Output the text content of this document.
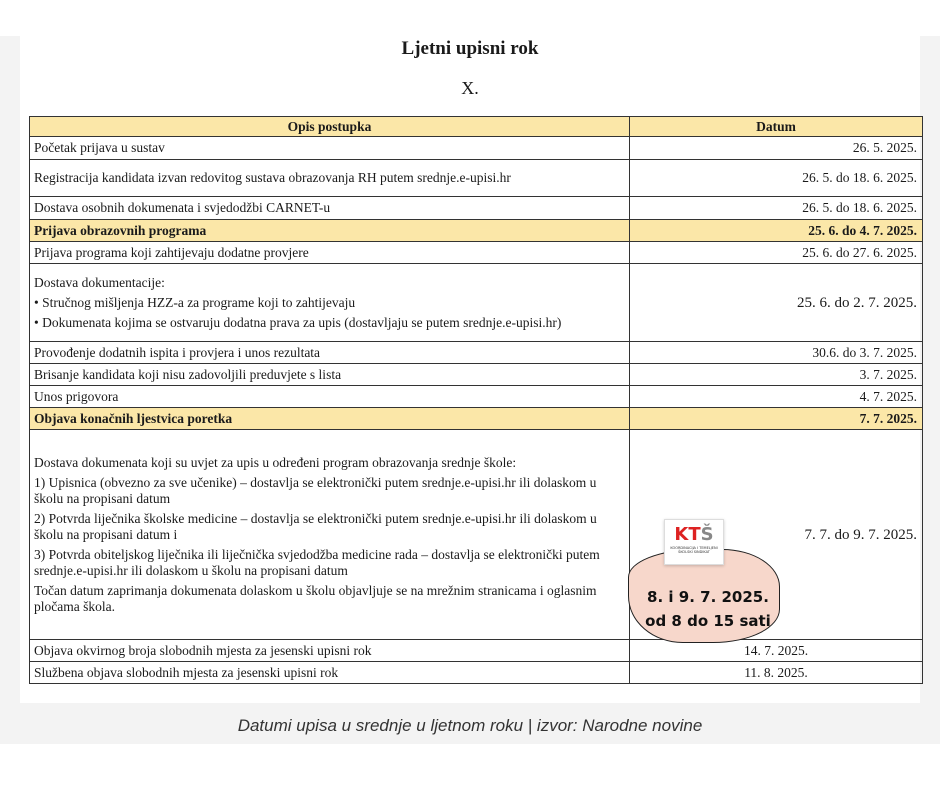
Ljetni upisni rok
X.
Opis postupka	Datum
Početak prijava u sustav	26. 5. 2025.
Registracija kandidata izvan redovitog sustava obrazovanja RH putem srednje.e-upisi.hr	26. 5. do 18. 6. 2025.
Dostava osobnih dokumenata i svjedodžbi CARNET-u	26. 5. do 18. 6. 2025.
Prijava obrazovnih programa	25. 6. do 4. 7. 2025.
Prijava programa koji zahtijevaju dodatne provjere	25. 6. do 27. 6. 2025.

Dostava dokumentacije:
• Stručnog mišljenja HZZ-a za programe koji to zahtijevaju
• Dokumenata kojima se ostvaruju dodatna prava za upis (dostavljaju se putem srednje.e-upisi.hr)	25. 6. do 2. 7. 2025.
Provođenje dodatnih ispita i provjera i unos rezultata	30.6. do 3. 7. 2025.
Brisanje kandidata koji nisu zadovoljili preduvjete s lista	3. 7. 2025.
Unos prigovora	4. 7. 2025.
Objava konačnih ljestvica poretka	7. 7. 2025.

Dostava dokumenata koji su uvjet za upis u određeni program obrazovanja srednje škole:
1) Upisnica (obvezno za sve učenike) – dostavlja se elektronički putem srednje.e-upisi.hr ili dolaskom u školu na propisani datum
2) Potvrda liječnika školske medicine – dostavlja se elektronički putem srednje.e-upisi.hr ili dolaskom u školu na propisani datum i
3) Potvrda obiteljskog liječnika ili liječnička svjedodžba medicine rada – dostavlja se elektronički putem srednje.e-upisi.hr ili dolaskom u školu na propisani datum
Točan datum zaprimanja dokumenata dolaskom u školu objavljuje se na mrežnim stranicama i oglasnim pločama škola.	7. 7. do 9. 7. 2025.
Objava okvirnog broja slobodnih mjesta za jesenski upisni rok	14. 7. 2025.
Službena objava slobodnih mjesta za jesenski upisni rok	11. 8. 2025.
8. i 9. 7. 2025.
od 8 do 15 sati
KTŠ
KOORDINACIJA I TEMELJENI
ŠKOLSKI SINDIKAT
Datumi upisa u srednje u ljetnom roku | izvor: Narodne novine
